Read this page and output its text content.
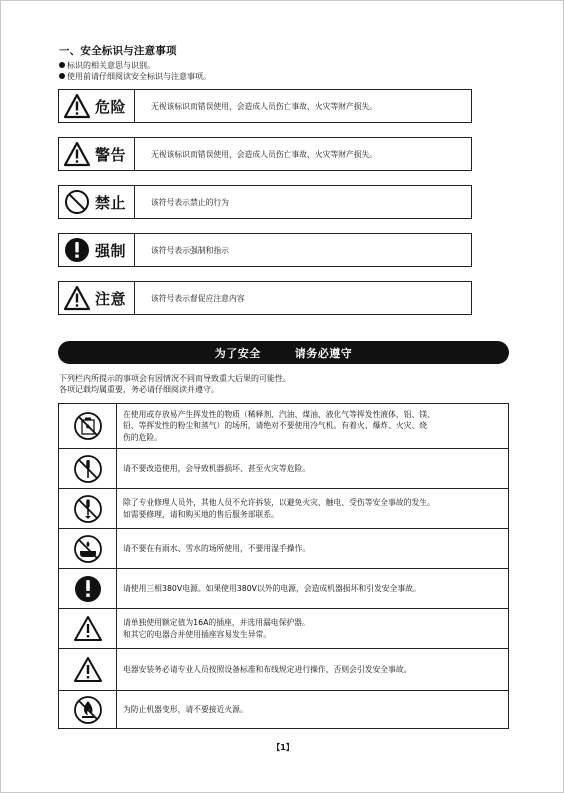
一、安全标识与注意事项
标识的相关意思与识别。
使用前请仔细阅读安全标识与注意事项。
危险	无视该标识而错误使用，会造成人员伤亡事故、火灾等财产损失。
警告	无视该标识而错误使用，会造成人员伤亡事故、火灾等财产损失。
禁止	该符号表示禁止的行为
强制	该符号表示强制和指示
注意	该符号表示督促应注意内容
为了安全	请务必遵守
下列栏内所提示的事项会有因情况不同而导致重大后果的可能性。
各项记载均属重要，务必请仔细阅读并遵守。
在使用或存放易产生挥发性的物质（稀释剂、汽油、煤油、液化气等挥发性液体，铝、镁、
铅、等挥发性的粉尘和蒸气）的场所，请绝对不要使用冷气机。有着火、爆炸、火灾、烧
伤的危险。
请不要改造使用，会导致机器损坏、甚至火灾等危险。
除了专业修理人员外，其他人员不允许拆装，以避免火灾、触电、受伤等安全事故的发生。
如需要修理，请和购买地的售后服务部联系。
请不要在有雨水、雪水的场所使用，不要用湿手操作。
请使用三相380V电源。如果使用380V以外的电源，会造成机器损坏和引发安全事故。
请单独使用额定值为16A的插座，并选用漏电保护器。
和其它的电器合并使用插座容易发生异常。
电器安装务必请专业人员按照设备标准和布线规定进行操作，否则会引发安全事故。
为防止机器变形，请不要接近火源。
【1】
